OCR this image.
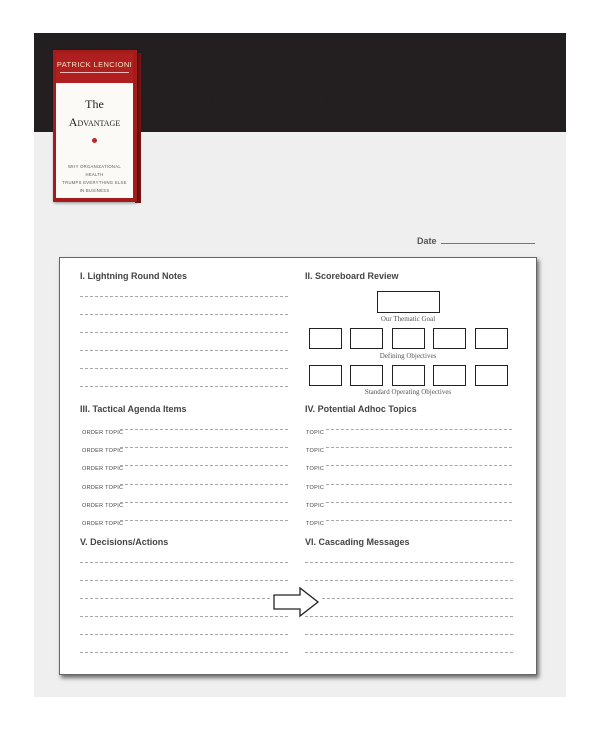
Weekly Staff Meeting
PATRICK LENCIONI
The
Advantage
WHY ORGANIZATIONAL HEALTH
TRUMPS EVERYTHING ELSE
IN BUSINESS
Date
I. Lightning Round Notes	II. Scoreboard Review
Our Thematic Goal
Defining Objectives
Standard Operating Objectives
III. Tactical Agenda Items
ORDER TOPIC
ORDER TOPIC
ORDER TOPIC
ORDER TOPIC
ORDER TOPIC
ORDER TOPIC
IV. Potential Adhoc Topics
TOPIC
TOPIC
TOPIC
TOPIC
TOPIC
TOPIC
V. Decisions/Actions	VI. Cascading Messages
